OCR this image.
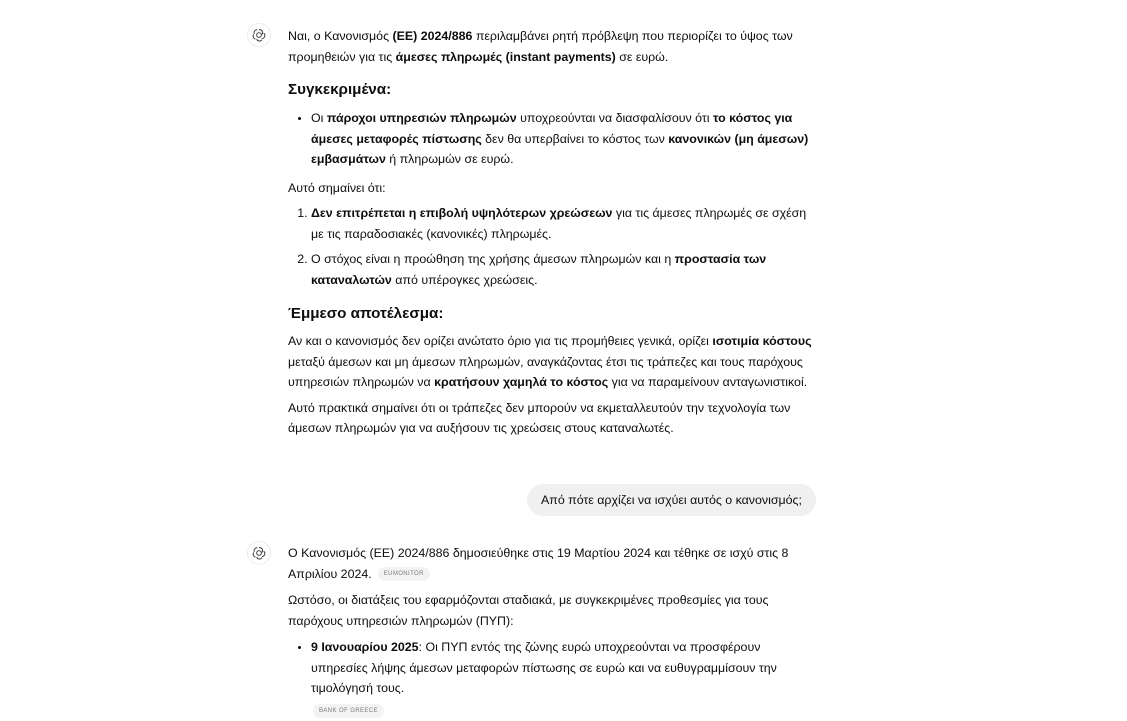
Ναι, ο Κανονισμός (ΕΕ) 2024/886 περιλαμβάνει ρητή πρόβλεψη που περιορίζει το ύψος των προμηθειών για τις άμεσες πληρωμές (instant payments) σε ευρώ.

Συγκεκριμένα:
• Οι πάροχοι υπηρεσιών πληρωμών υποχρεούνται να διασφαλίσουν ότι το κόστος για άμεσες μεταφορές πίστωσης δεν θα υπερβαίνει το κόστος των κανονικών (μη άμεσων) εμβασμάτων ή πληρωμών σε ευρώ.

Αυτό σημαίνει ότι:

1. Δεν επιτρέπεται η επιβολή υψηλότερων χρεώσεων για τις άμεσες πληρωμές σε σχέση με τις παραδοσιακές (κανονικές) πληρωμές.
2. Ο στόχος είναι η προώθηση της χρήσης άμεσων πληρωμών και η προστασία των καταναλωτών από υπέρογκες χρεώσεις.
Έμμεσο αποτέλεσμα:

Αν και ο κανονισμός δεν ορίζει ανώτατο όριο για τις προμήθειες γενικά, ορίζει ισοτιμία κόστους μεταξύ άμεσων και μη άμεσων πληρωμών, αναγκάζοντας έτσι τις τράπεζες και τους παρόχους υπηρεσιών πληρωμών να κρατήσουν χαμηλά το κόστος για να παραμείνουν ανταγωνιστικοί.

Αυτό πρακτικά σημαίνει ότι οι τράπεζες δεν μπορούν να εκμεταλλευτούν την τεχνολογία των άμεσων πληρωμών για να αυξήσουν τις χρεώσεις στους καταναλωτές.

Από πότε αρχίζει να ισχύει αυτός ο κανονισμός;

Ο Κανονισμός (ΕΕ) 2024/886 δημοσιεύθηκε στις 19 Μαρτίου 2024 και τέθηκε σε ισχύ στις 8 Απριλίου 2024. EUMONITOR

Ωστόσο, οι διατάξεις του εφαρμόζονται σταδιακά, με συγκεκριμένες προθεσμίες για τους παρόχους υπηρεσιών πληρωμών (ΠΥΠ):

• 9 Ιανουαρίου 2025: Οι ΠΥΠ εντός της ζώνης ευρώ υποχρεούνται να προσφέρουν υπηρεσίες λήψης άμεσων μεταφορών πίστωσης σε ευρώ και να ευθυγραμμίσουν την τιμολόγησή τους.
BANK OF GREECE
